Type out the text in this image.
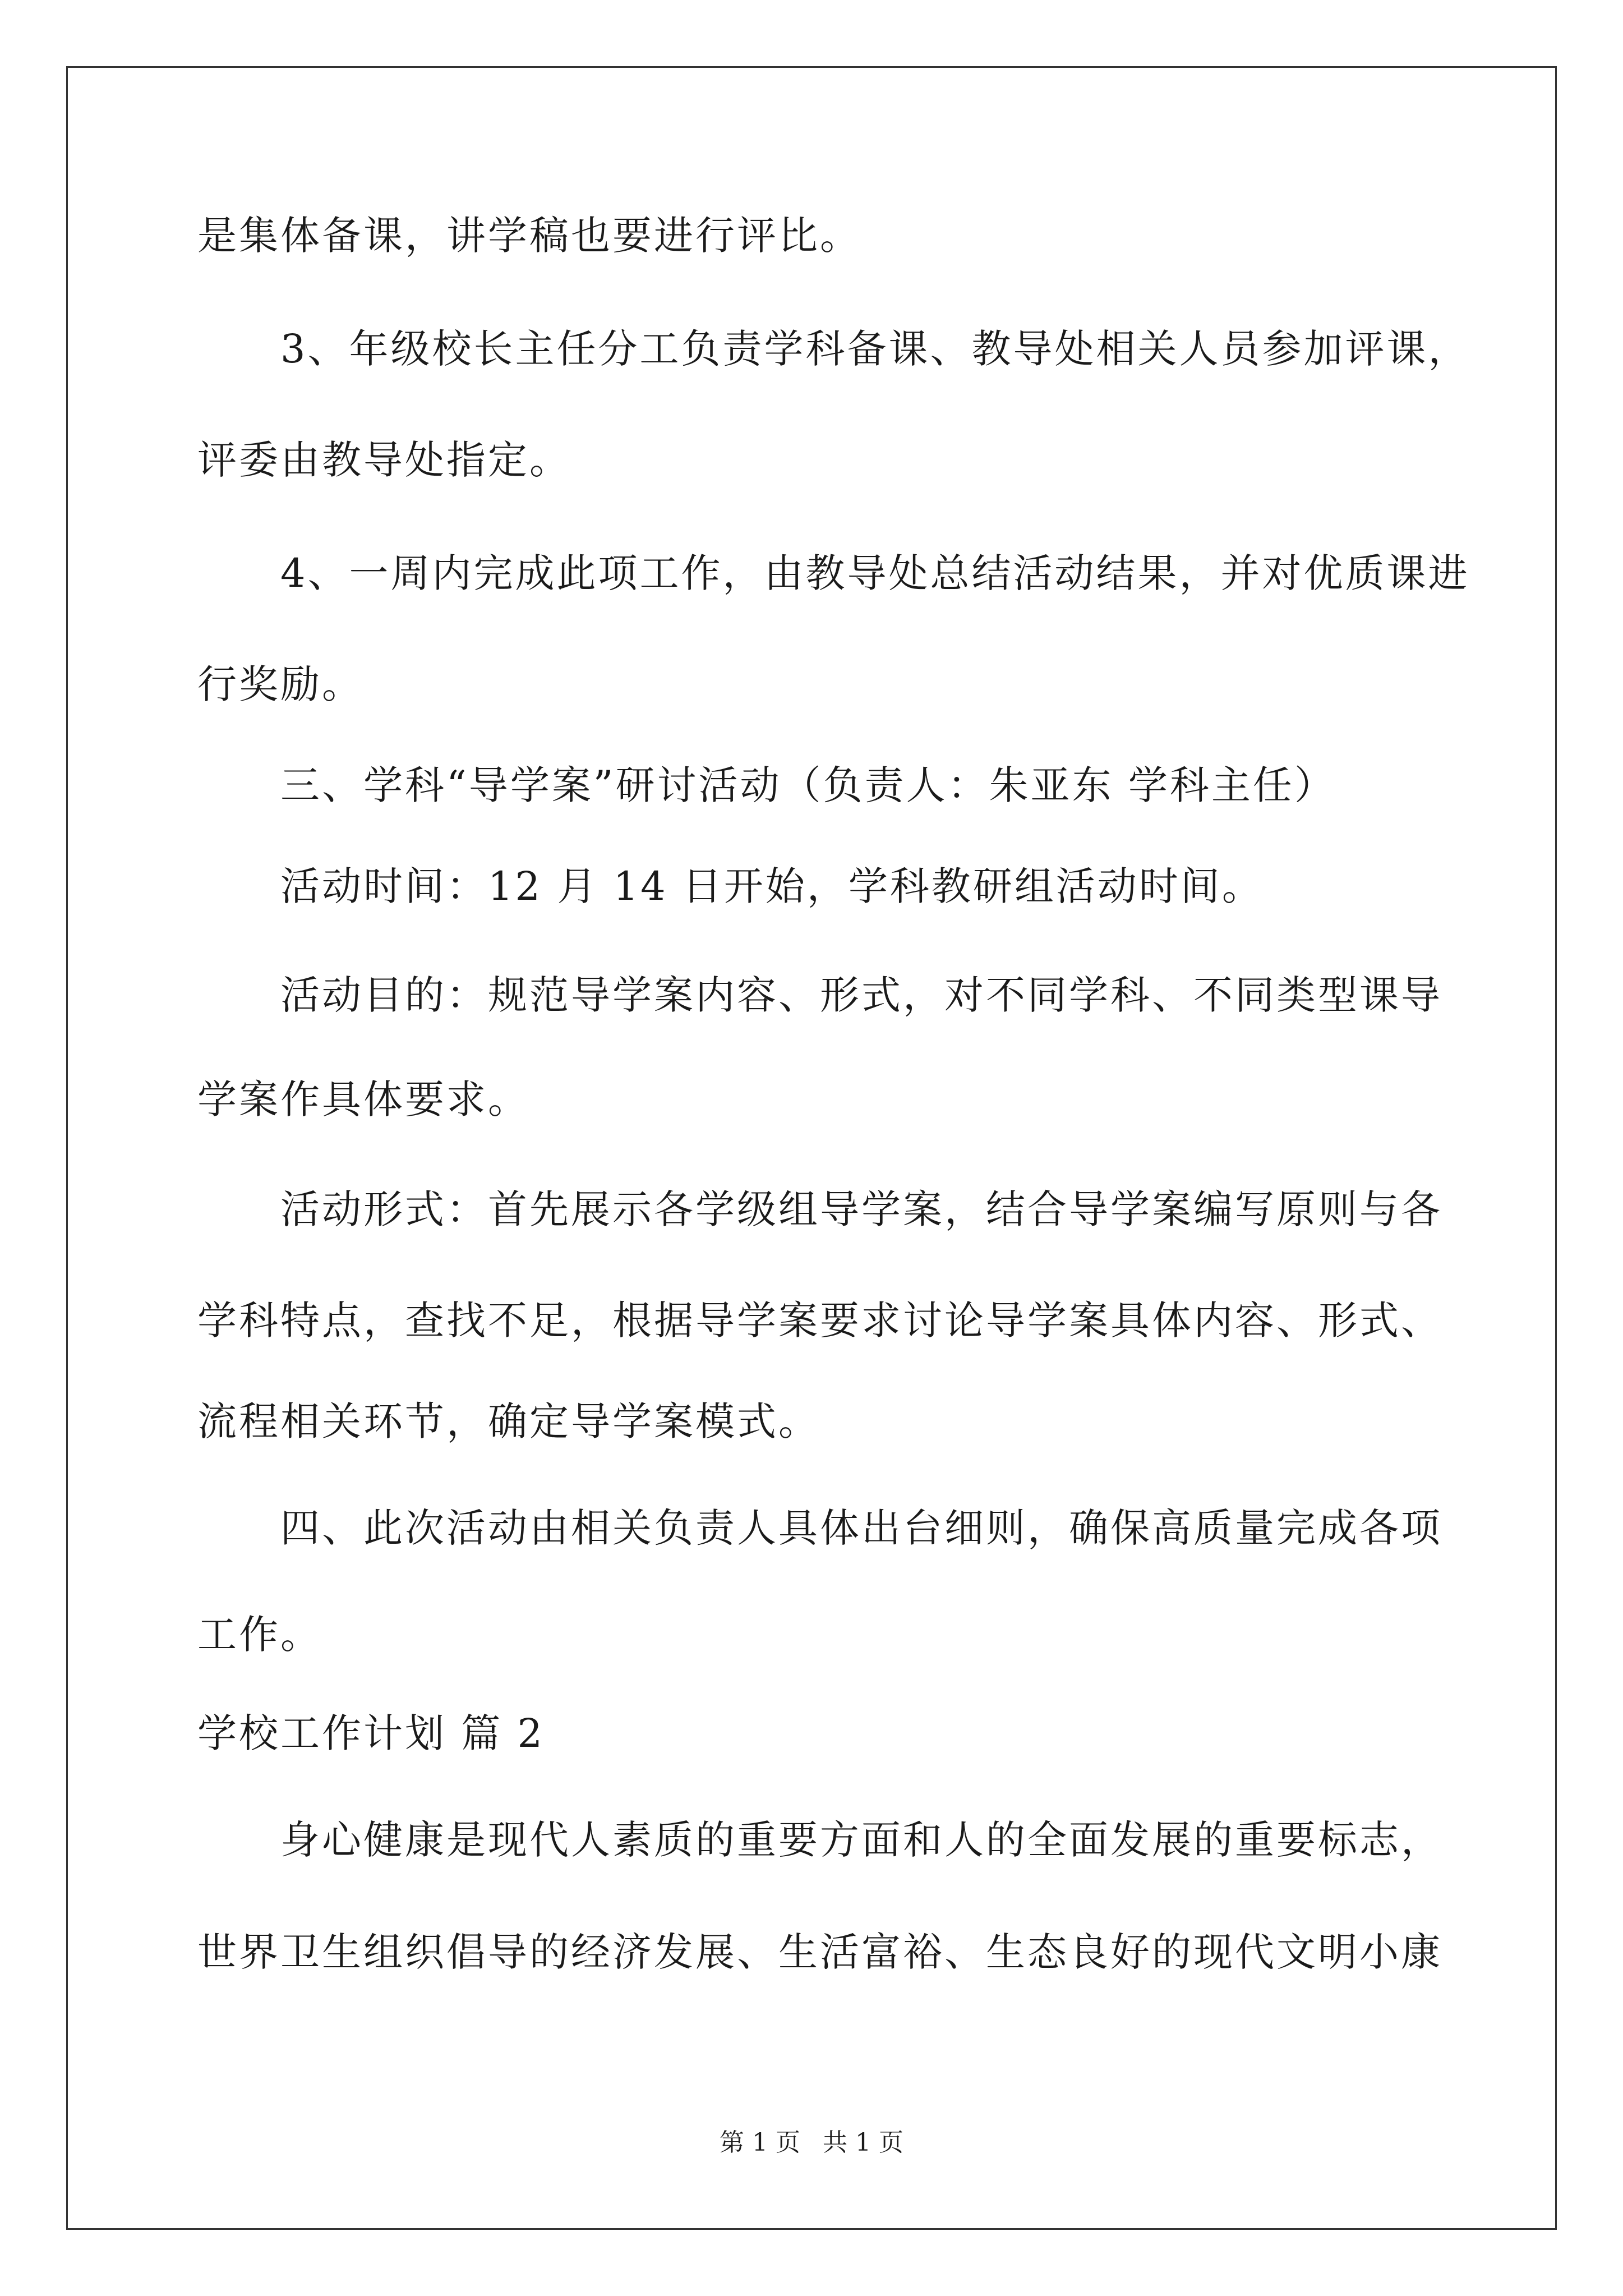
是集体备课，讲学稿也要进行评比。

3、年级校长主任分工负责学科备课、教导处相关人员参加评课，

评委由教导处指定。

4、一周内完成此项工作，由教导处总结活动结果，并对优质课进

行奖励。

三、学科“导学案”研讨活动（负责人：朱亚东 学科主任）

活动时间：12 月 14 日开始，学科教研组活动时间。

活动目的：规范导学案内容、形式，对不同学科、不同类型课导

学案作具体要求。

活动形式：首先展示各学级组导学案，结合导学案编写原则与各

学科特点，查找不足，根据导学案要求讨论导学案具体内容、形式、

流程相关环节，确定导学案模式。

四、此次活动由相关负责人具体出台细则，确保高质量完成各项

工作。

学校工作计划 篇 2

身心健康是现代人素质的重要方面和人的全面发展的重要标志，

世界卫生组织倡导的经济发展、生活富裕、生态良好的现代文明小康

第 1 页 共 1 页
